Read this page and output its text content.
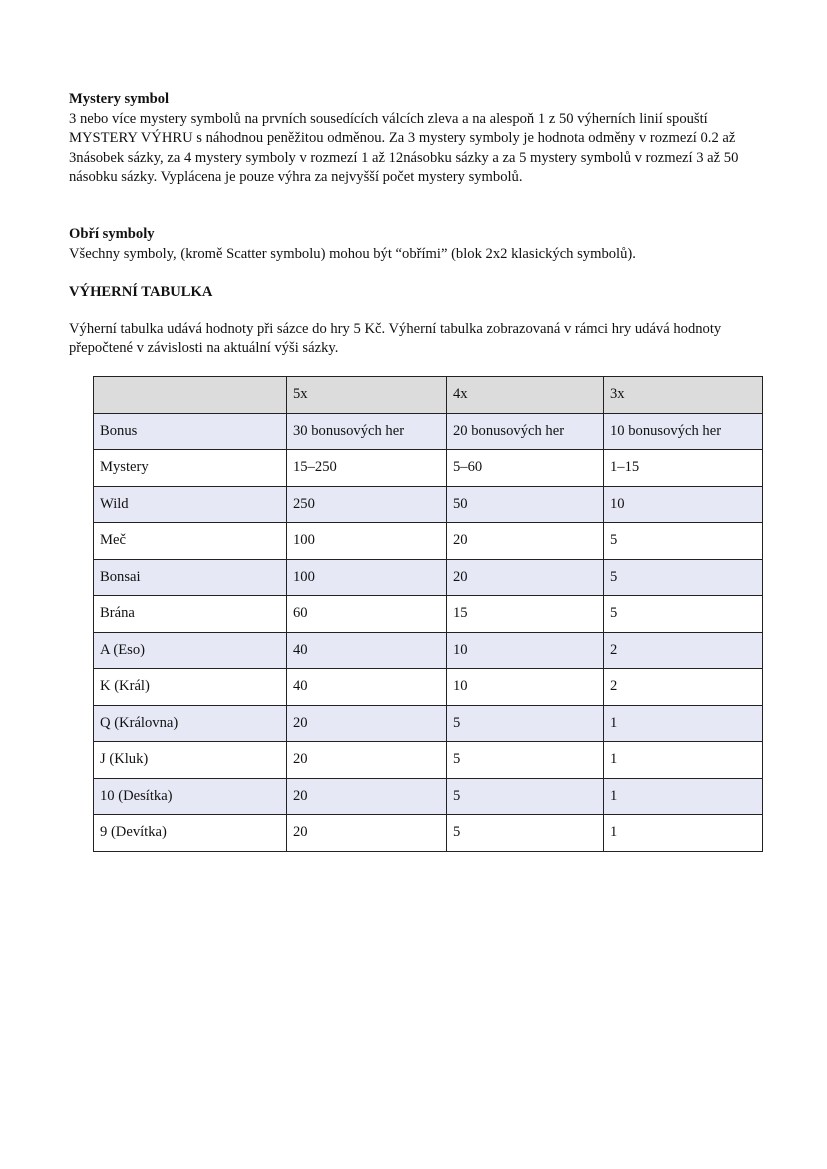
Mystery symbol

3 nebo více mystery symbolů na prvních sousedících válcích zleva a na alespoň 1 z 50 výherních linií spouští MYSTERY VÝHRU s náhodnou peněžitou odměnou. Za 3 mystery symboly je hodnota odměny v rozmezí 0.2 až 3násobek sázky, za 4 mystery symboly v rozmezí 1 až 12násobku sázky a za 5 mystery symbolů v rozmezí 3 až 50 násobku sázky. Vyplácena je pouze výhra za nejvyšší počet mystery symbolů.

Obří symboly

Všechny symboly, (kromě Scatter symbolu) mohou být “obřími” (blok 2x2 klasických symbolů).

VÝHERNÍ TABULKA

Výherní tabulka udává hodnoty při sázce do hry 5 Kč. Výherní tabulka zobrazovaná v rámci hry udává hodnoty přepočtené v závislosti na aktuální výši sázky.

	5x	4x	3x
Bonus	30 bonusových her	20 bonusových her	10 bonusových her
Mystery	15–250	5–60	1–15
Wild	250	50	10
Meč	100	20	5
Bonsai	100	20	5
Brána	60	15	5
A (Eso)	40	10	2
K (Král)	40	10	2
Q (Královna)	20	5	1
J (Kluk)	20	5	1
10 (Desítka)	20	5	1
9 (Devítka)	20	5	1
